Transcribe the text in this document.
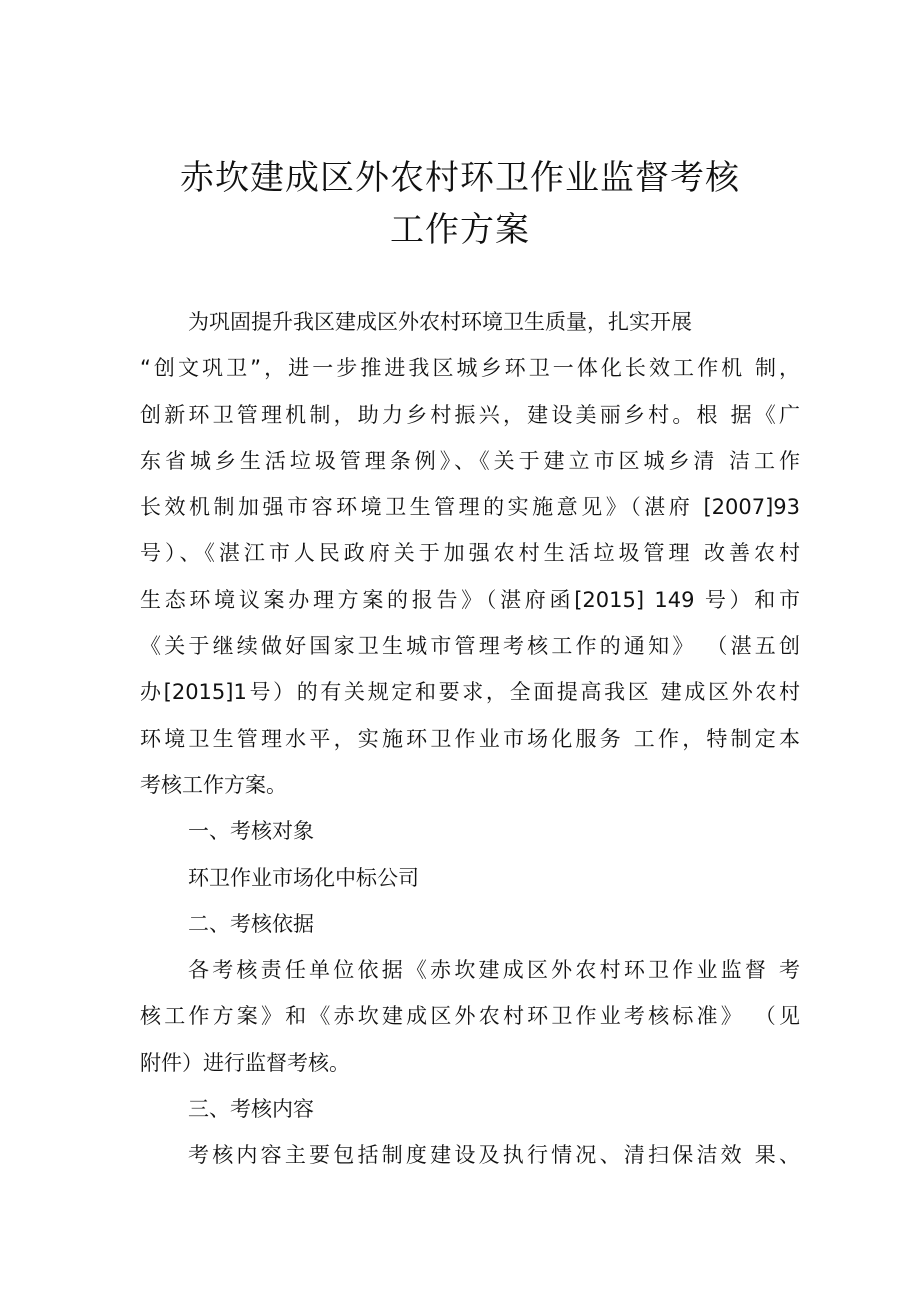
赤坎建成区外农村环卫作业监督考核
工作方案
为巩固提升我区建成区外农村环境卫生质量，扎实开展
“创文巩卫”，进一步推进我区城乡环卫一体化长效工作机 制，
创新环卫管理机制，助力乡村振兴，建设美丽乡村。根 据《广
东省城乡生活垃圾管理条例》、《关于建立市区城乡清 洁工作
长效机制加强市容环境卫生管理的实施意见》（湛府 [2007]93
号）、《湛江市人民政府关于加强农村生活垃圾管理 改善农村
生态环境议案办理方案的报告》（湛府函[2015] 149 号）和市
《关于继续做好国家卫生城市管理考核工作的通知》 （湛五创
办[2015]1号）的有关规定和要求，全面提高我区 建成区外农村
环境卫生管理水平，实施环卫作业市场化服务 工作，特制定本
考核工作方案。
一、考核对象
环卫作业市场化中标公司
二、考核依据
各考核责任单位依据《赤坎建成区外农村环卫作业监督 考
核工作方案》和《赤坎建成区外农村环卫作业考核标准》 （见
附件）进行监督考核。
三、考核内容
考核内容主要包括制度建设及执行情况、清扫保洁效 果、
